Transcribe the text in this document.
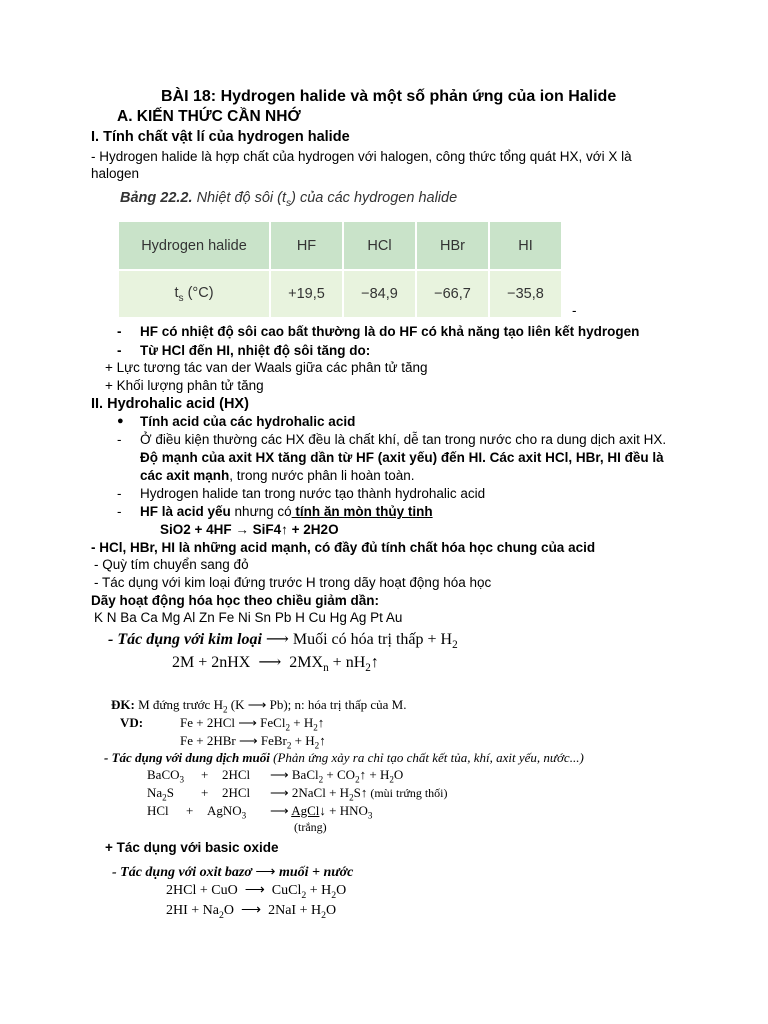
BÀI 18: Hydrogen halide và một số phản ứng của ion Halide
A. KIẾN THỨC CẦN NHỚ
I. Tính chất vật lí của hydrogen halide
- Hydrogen halide là hợp chất của hydrogen với halogen, công thức tổng quát HX, với X là
halogen
Bảng 22.2. Nhiệt độ sôi $(t_s)$ của các hydrogen halide
Hydrogen halide	HF	HCl	HBr	HI
$t_s$ (°C)	+19,5	−84,9	−66,7	−35,8
-
- HF có nhiệt độ sôi cao bất thường là do HF có khả năng tạo liên kết hydrogen
- Từ HCl đến HI, nhiệt độ sôi tăng do:
+ Lực tương tác van der Waals giữa các phân tử tăng
+ Khối lượng phân tử tăng
II. Hydrohalic acid (HX)
● Tính acid của các hydrohalic acid
- Ở điều kiện thường các HX đều là chất khí, dễ tan trong nước cho ra dung dịch axit HX.
Độ mạnh của axit HX tăng dần từ HF (axit yếu) đến HI. Các axit HCl, HBr, HI đều là
các axit mạnh, trong nước phân li hoàn toàn.
- Hydrogen halide tan trong nước tạo thành hydrohalic acid
- HF là acid yếu nhưng có tính ăn mòn thủy tinh
SiO2 + 4HF → SiF4↑ + 2H2O
- HCl, HBr, HI là những acid mạnh, có đầy đủ tính chất hóa học chung của acid
- Quỳ tím chuyển sang đỏ
- Tác dụng với kim loại đứng trước H trong dãy hoạt động hóa học
Dãy hoạt động hóa học theo chiều giảm dần:
K N Ba Ca Mg Al Zn Fe Ni Sn Pb H Cu Hg Ag Pt Au
- Tác dụng với kim loại ⟶ Muối có hóa trị thấp + $H_2$
2M + 2nHX ⟶ $2MX_n$ + $nH_2↑$
ĐK: M đứng trước $H_2$ (K ⟶ Pb); n: hóa trị thấp của M.
VD:	Fe + 2HCl ⟶ FeCl$_2$ + $H_2↑$
Fe + 2HBr ⟶ FeBr$_2$ + $H_2↑$
- Tác dụng với dung dịch muối (Phản ứng xảy ra chỉ tạo chất kết tủa, khí, axit yếu, nước...)
BaCO$_3$ + 2HCl ⟶ BaCl$_2$ + $CO_2↑ + H_2O$
$Na_2S + 2HCl$ ⟶ 2NaCl + $H_2S↑$ (mùi trứng thối)
HCl + AgNO$_3$ ⟶ AgCl↓ + $HNO_3$
(trắng)
+ Tác dụng với basic oxide
- Tác dụng với oxit bazơ ⟶ muối + nước
2HCl + CuO ⟶ CuCl$_2$ + $H_2O$
$2HI + Na_2O$ ⟶ $2NaI + H_2O$
